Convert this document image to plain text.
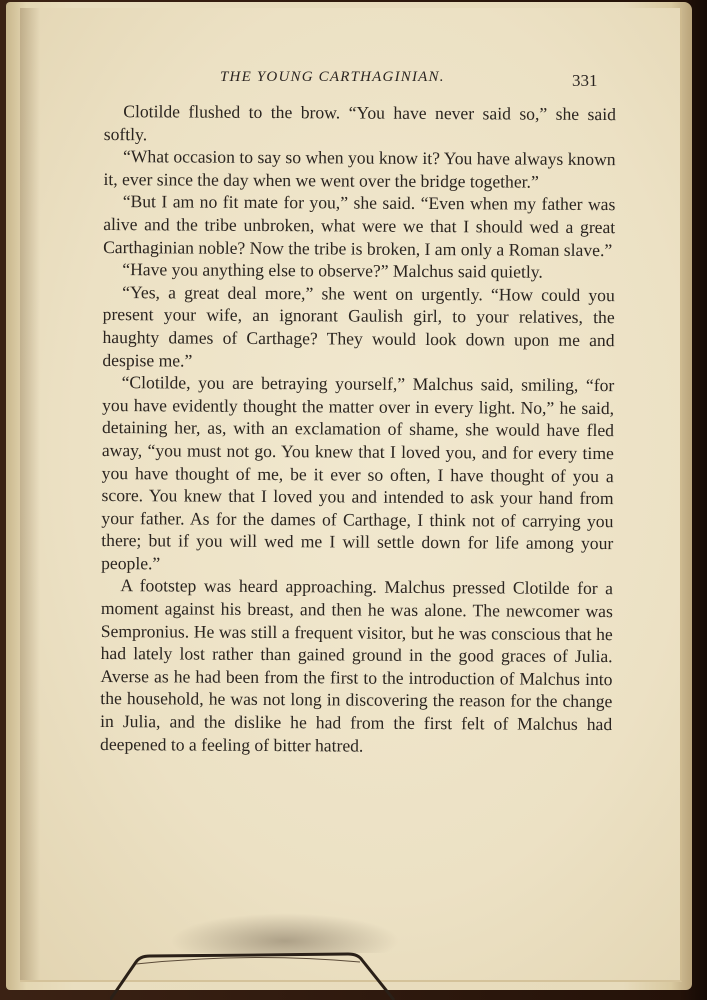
THE YOUNG CARTHAGINIAN.	331

Clotilde flushed to the brow. “You have never said so,” she said softly.

“What occasion to say so when you know it? You have always known it, ever since the day when we went over the bridge together.”

“But I am no fit mate for you,” she said. “Even when my father was alive and the tribe unbroken, what were we that I should wed a great Carthaginian noble? Now the tribe is broken, I am only a Roman slave.”

“Have you anything else to observe?” Malchus said quietly.

“Yes, a great deal more,” she went on urgently. “How could you present your wife, an ignorant Gaulish girl, to your relatives, the haughty dames of Carthage? They would look down upon me and despise me.”

“Clotilde, you are betraying yourself,” Malchus said, smiling, “for you have evidently thought the matter over in every light. No,” he said, detaining her, as, with an exclamation of shame, she would have fled away, “you must not go. You knew that I loved you, and for every time you have thought of me, be it ever so often, I have thought of you a score. You knew that I loved you and intended to ask your hand from your father. As for the dames of Carthage, I think not of carrying you there; but if you will wed me I will settle down for life among your people.”

A footstep was heard approaching. Malchus pressed Clotilde for a moment against his breast, and then he was alone. The newcomer was Sempronius. He was still a frequent visitor, but he was conscious that he had lately lost rather than gained ground in the good graces of Julia. Averse as he had been from the first to the introduction of Malchus into the household, he was not long in discovering the reason for the change in Julia, and the dislike he had from the first felt of Malchus had deepened to a feeling of bitter hatred.
